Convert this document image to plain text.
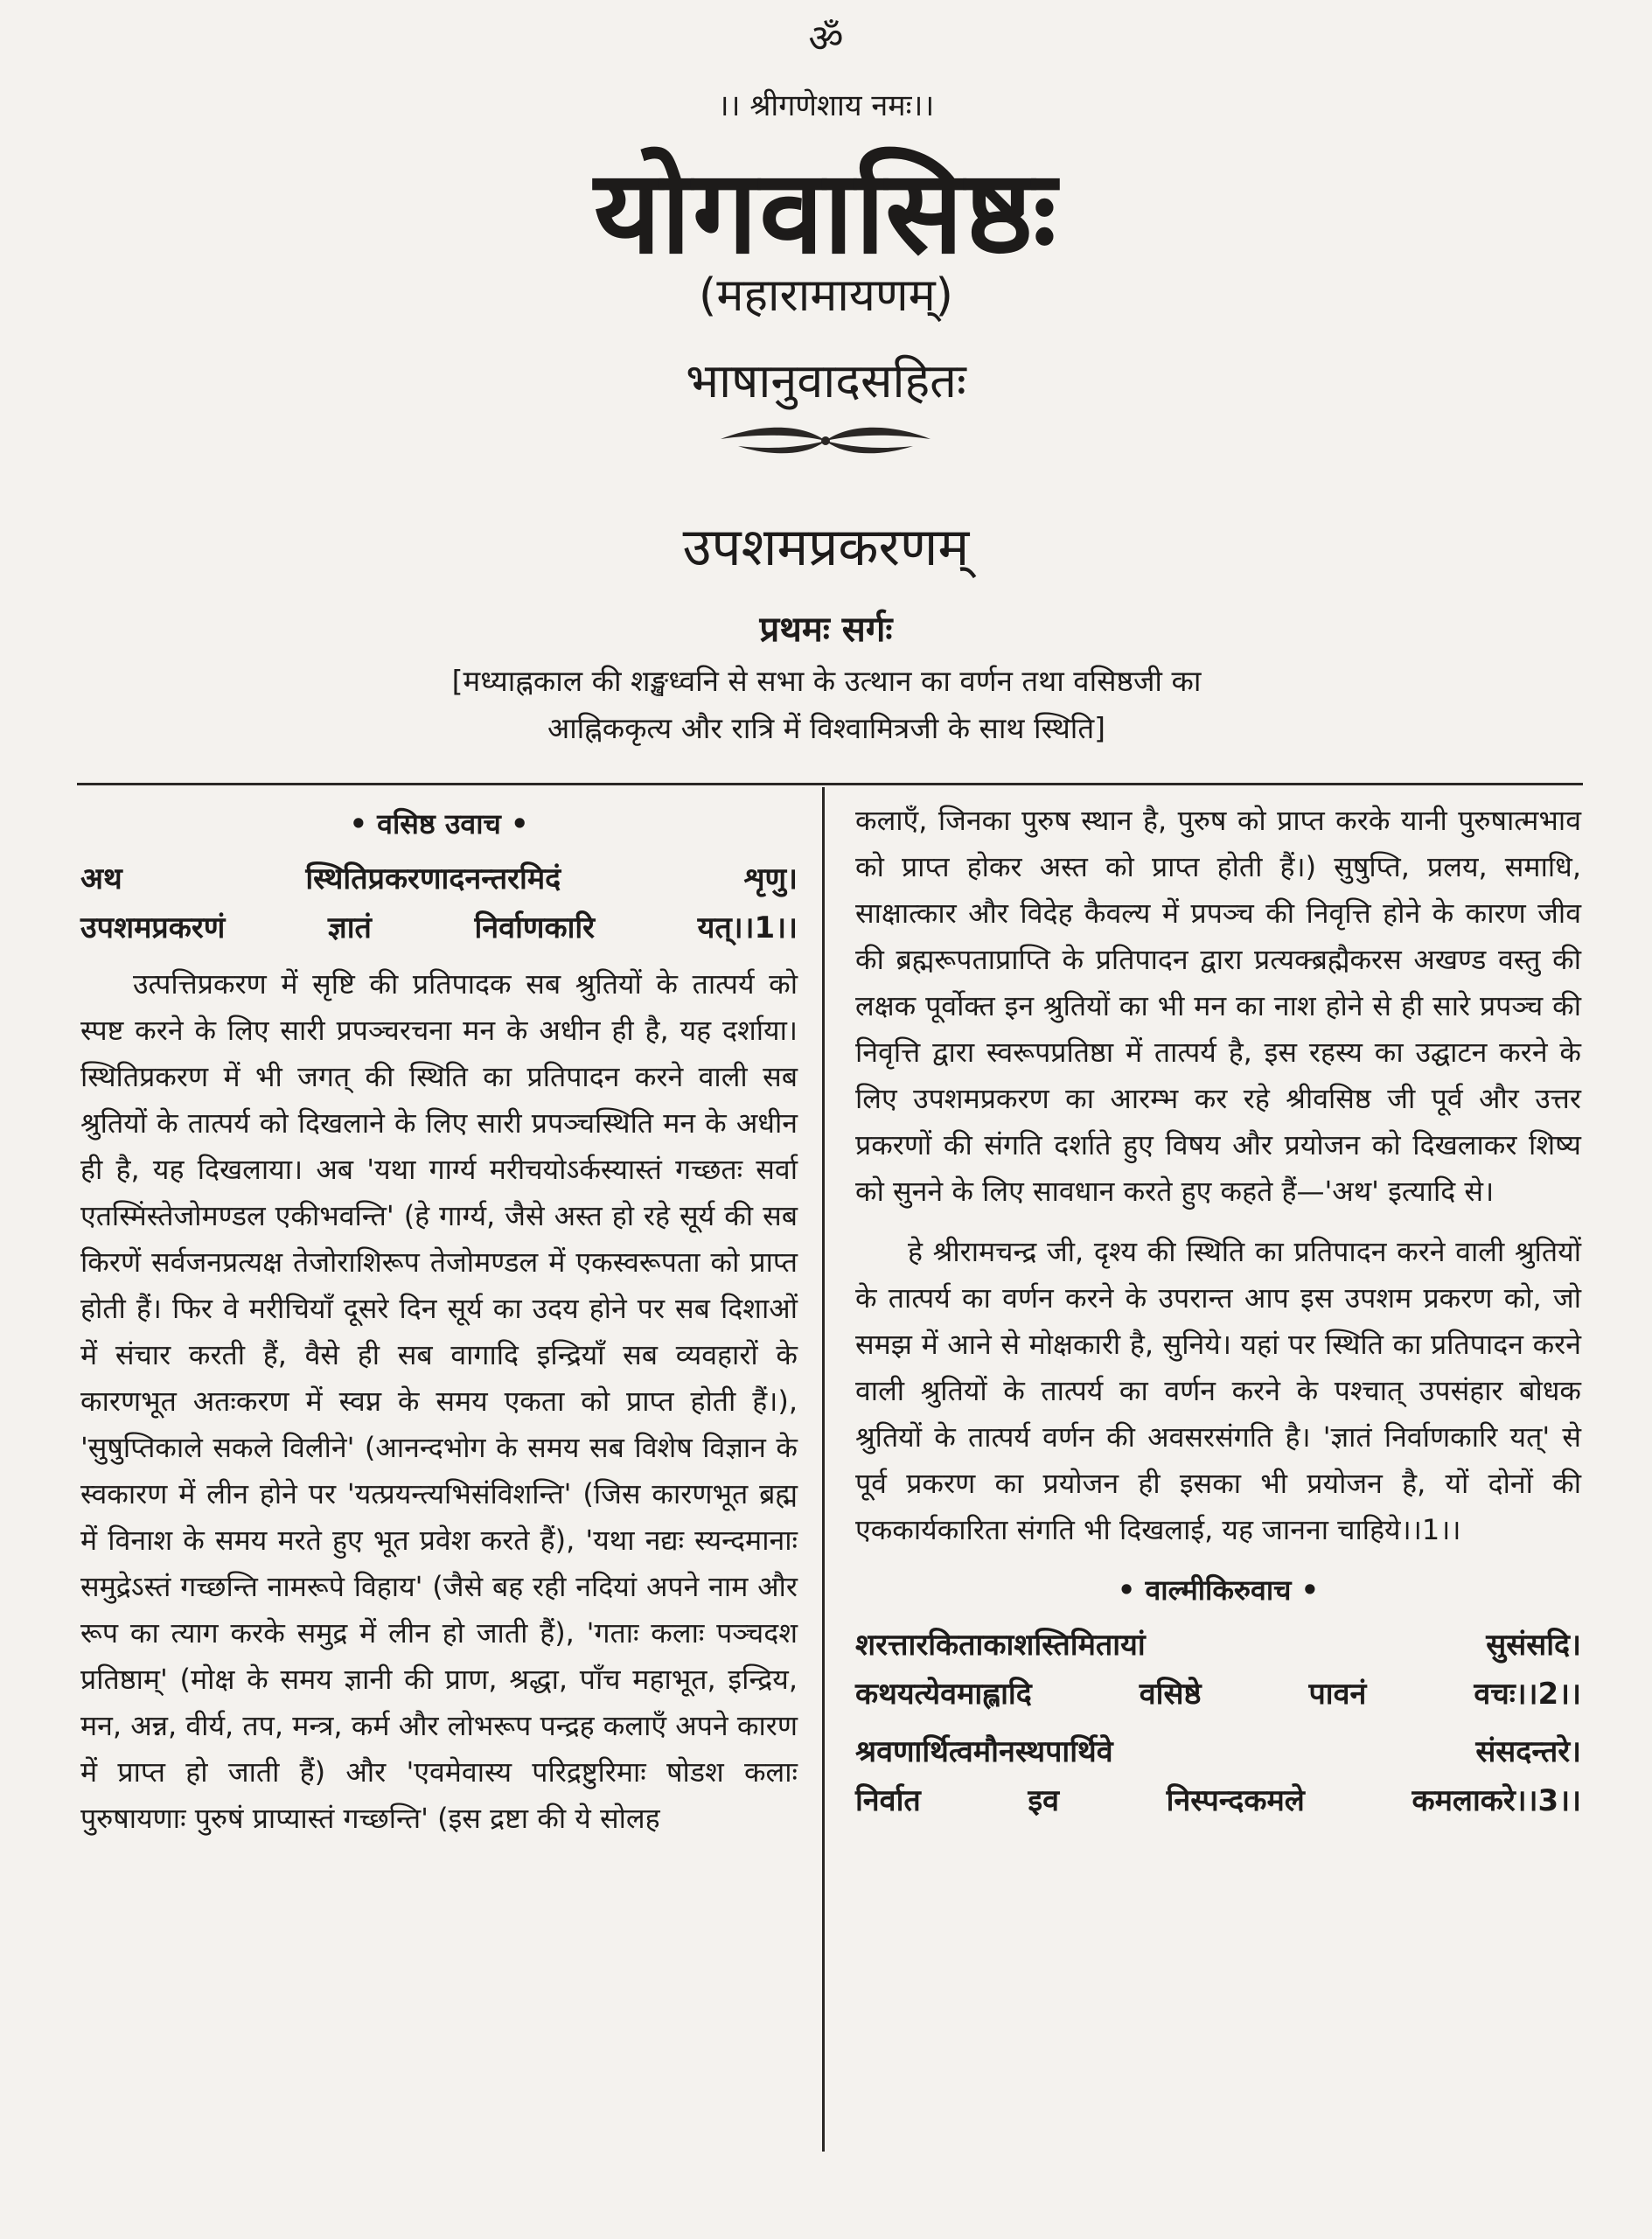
ॐ
।। श्रीगणेशाय नमः।।
योगवासिष्ठः
(महारामायणम्)
भाषानुवादसहितः
उपशमप्रकरणम्
प्रथमः सर्गः
[मध्याह्नकाल की शङ्खध्वनि से सभा के उत्थान का वर्णन तथा वसिष्ठजी का
आह्निककृत्य और रात्रि में विश्वामित्रजी के साथ स्थिति]
• वसिष्ठ उवाच •
अथ	स्थितिप्रकरणादनन्तरमिदं	शृणु।
उपशमप्रकरणं	ज्ञातं	निर्वाणकारि	यत्।।1।।

उत्पत्तिप्रकरण में सृष्टि की प्रतिपादक सब श्रुतियों के तात्पर्य को स्पष्ट करने के लिए सारी प्रपञ्चरचना मन के अधीन ही है, यह दर्शाया। स्थितिप्रकरण में भी जगत् की स्थिति का प्रतिपादन करने वाली सब श्रुतियों के तात्पर्य को दिखलाने के लिए सारी प्रपञ्चस्थिति मन के अधीन ही है, यह दिखलाया। अब 'यथा गार्ग्य मरीचयोऽर्कस्यास्तं गच्छतः सर्वा एतस्मिंस्तेजोमण्डल एकीभवन्ति' (हे गार्ग्य, जैसे अस्त हो रहे सूर्य की सब किरणें सर्वजनप्रत्यक्ष तेजोराशिरूप तेजोमण्डल में एकस्वरूपता को प्राप्त होती हैं। फिर वे मरीचियाँ दूसरे दिन सूर्य का उदय होने पर सब दिशाओं में संचार करती हैं, वैसे ही सब वागादि इन्द्रियाँ सब व्यवहारों के कारणभूत अतःकरण में स्वप्न के समय एकता को प्राप्त होती हैं।), 'सुषुप्तिकाले सकले विलीने' (आनन्दभोग के समय सब विशेष विज्ञान के स्वकारण में लीन होने पर 'यत्प्रयन्त्यभिसंविशन्ति' (जिस कारणभूत ब्रह्म में विनाश के समय मरते हुए भूत प्रवेश करते हैं), 'यथा नद्यः स्यन्दमानाः समुद्रेऽस्तं गच्छन्ति नामरूपे विहाय' (जैसे बह रही नदियां अपने नाम और रूप का त्याग करके समुद्र में लीन हो जाती हैं), 'गताः कलाः पञ्चदश प्रतिष्ठाम्' (मोक्ष के समय ज्ञानी की प्राण, श्रद्धा, पाँच महाभूत, इन्द्रिय, मन, अन्न, वीर्य, तप, मन्त्र, कर्म और लोभरूप पन्द्रह कलाएँ अपने कारण में प्राप्त हो जाती हैं) और 'एवमेवास्य परिद्रष्टुरिमाः षोडश कलाः पुरुषायणाः पुरुषं प्राप्यास्तं गच्छन्ति' (इस द्रष्टा की ये सोलह

कलाएँ, जिनका पुरुष स्थान है, पुरुष को प्राप्त करके यानी पुरुषात्मभाव को प्राप्त होकर अस्त को प्राप्त होती हैं।) सुषुप्ति, प्रलय, समाधि, साक्षात्कार और विदेह कैवल्य में प्रपञ्च की निवृत्ति होने के कारण जीव की ब्रह्मरूपताप्राप्ति के प्रतिपादन द्वारा प्रत्यक्ब्रह्मैकरस अखण्ड वस्तु की लक्षक पूर्वोक्त इन श्रुतियों का भी मन का नाश होने से ही सारे प्रपञ्च की निवृत्ति द्वारा स्वरूपप्रतिष्ठा में तात्पर्य है, इस रहस्य का उद्घाटन करने के लिए उपशमप्रकरण का आरम्भ कर रहे श्रीवसिष्ठ जी पूर्व और उत्तर प्रकरणों की संगति दर्शाते हुए विषय और प्रयोजन को दिखलाकर शिष्य को सुनने के लिए सावधान करते हुए कहते हैं—'अथ' इत्यादि से।

हे श्रीरामचन्द्र जी, दृश्य की स्थिति का प्रतिपादन करने वाली श्रुतियों के तात्पर्य का वर्णन करने के उपरान्त आप इस उपशम प्रकरण को, जो समझ में आने से मोक्षकारी है, सुनिये। यहां पर स्थिति का प्रतिपादन करने वाली श्रुतियों के तात्पर्य का वर्णन करने के पश्चात् उपसंहार बोधक श्रुतियों के तात्पर्य वर्णन की अवसरसंगति है। 'ज्ञातं निर्वाणकारि यत्' से पूर्व प्रकरण का प्रयोजन ही इसका भी प्रयोजन है, यों दोनों की एककार्यकारिता संगति भी दिखलाई, यह जानना चाहिये।।1।।

• वाल्मीकिरुवाच •
शरत्तारकिताकाशस्तिमितायां	सुसंसदि।
कथयत्येवमाह्लादि	वसिष्ठे	पावनं	वचः।।2।।
श्रवणार्थित्वमौनस्थपार्थिवे	संसदन्तरे।
निर्वात	इव	निस्पन्दकमले	कमलाकरे।।3।।
